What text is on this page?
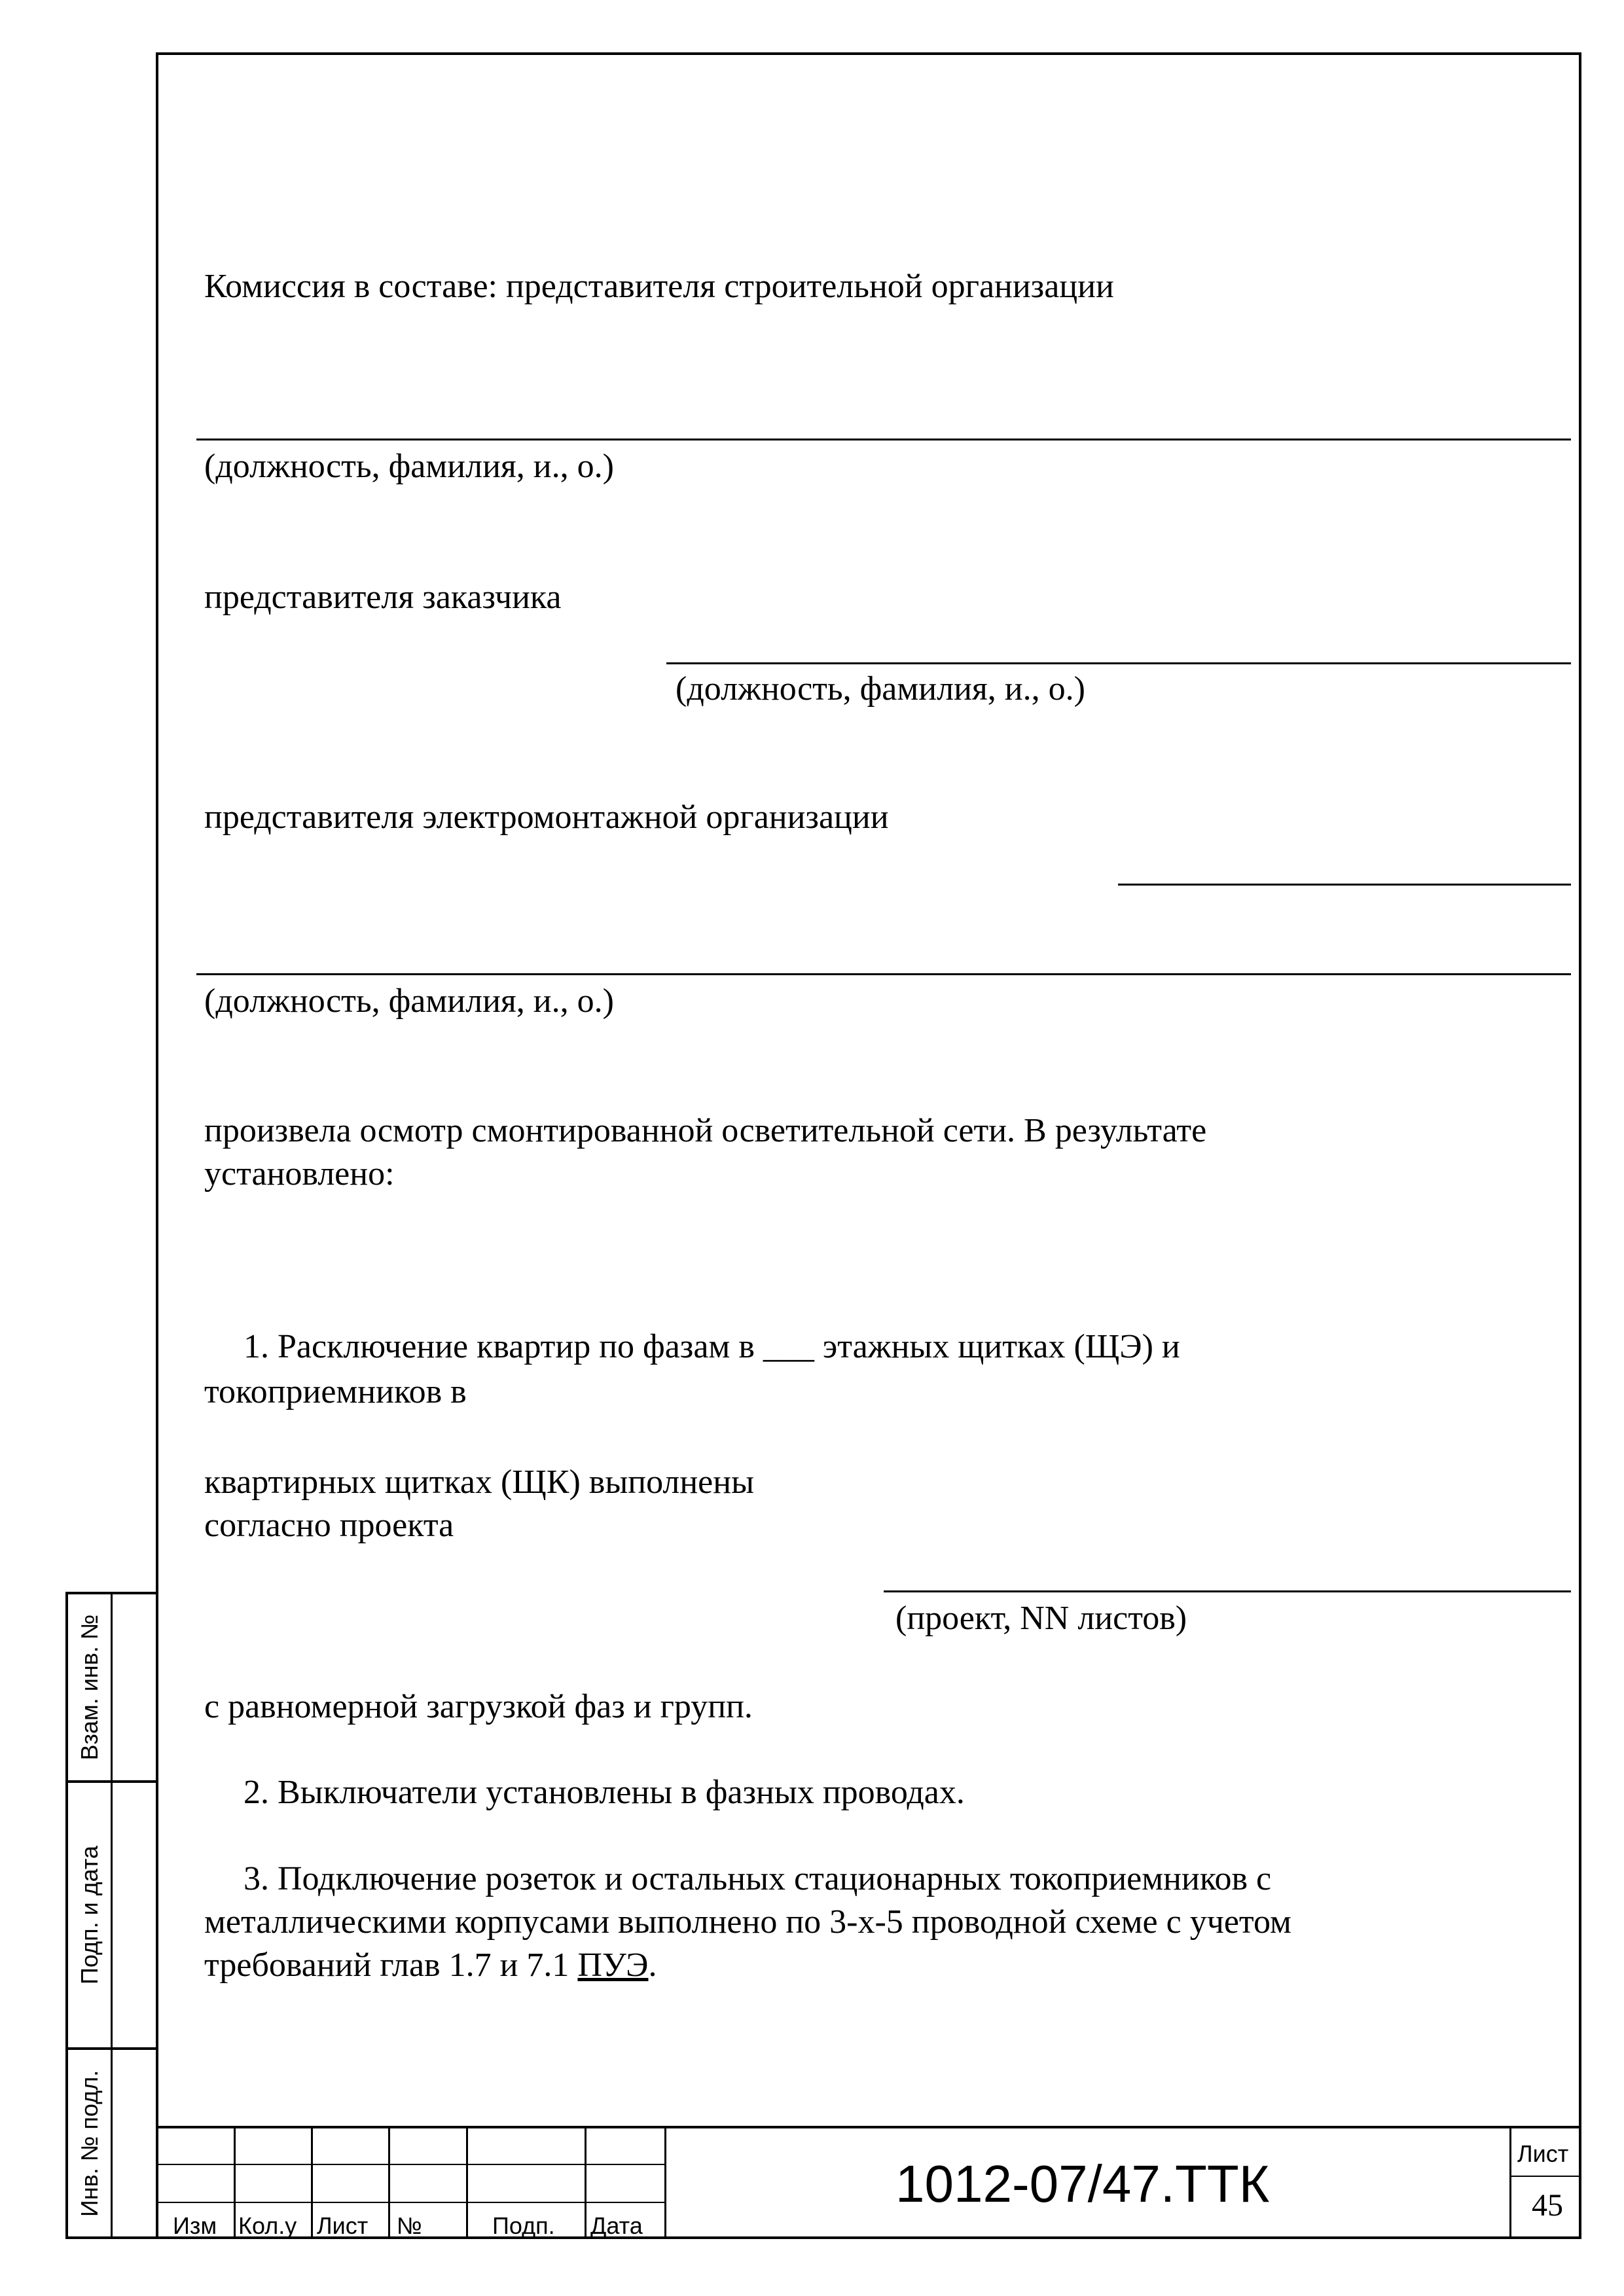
Комиссия в составе: представителя строительной организации
(должность, фамилия, и., о.)
представителя заказчика
(должность, фамилия, и., о.)
представителя электромонтажной организации
(должность, фамилия, и., о.)
произвела осмотр смонтированной осветительной сети. В результате
установлено:
1. Расключение квартир по фазам в ___ этажных щитках (ЩЭ) и
токоприемников в
квартирных щитках (ЩК) выполнены
согласно проекта
(проект, NN листов)
с равномерной загрузкой фаз и групп.
2. Выключатели установлены в фазных проводах.
3. Подключение розеток и остальных стационарных токоприемников с
металлическими корпусами выполнено по 3-х-5 проводной схеме с учетом
требований глав 1.7 и 7.1 ПУЭ.
Взам. инв. №
Подп. и дата
Инв. № подл.
Изм Кол.у Лист №	Подп. Дата
1012-07/47.ТТК
Лист
45
